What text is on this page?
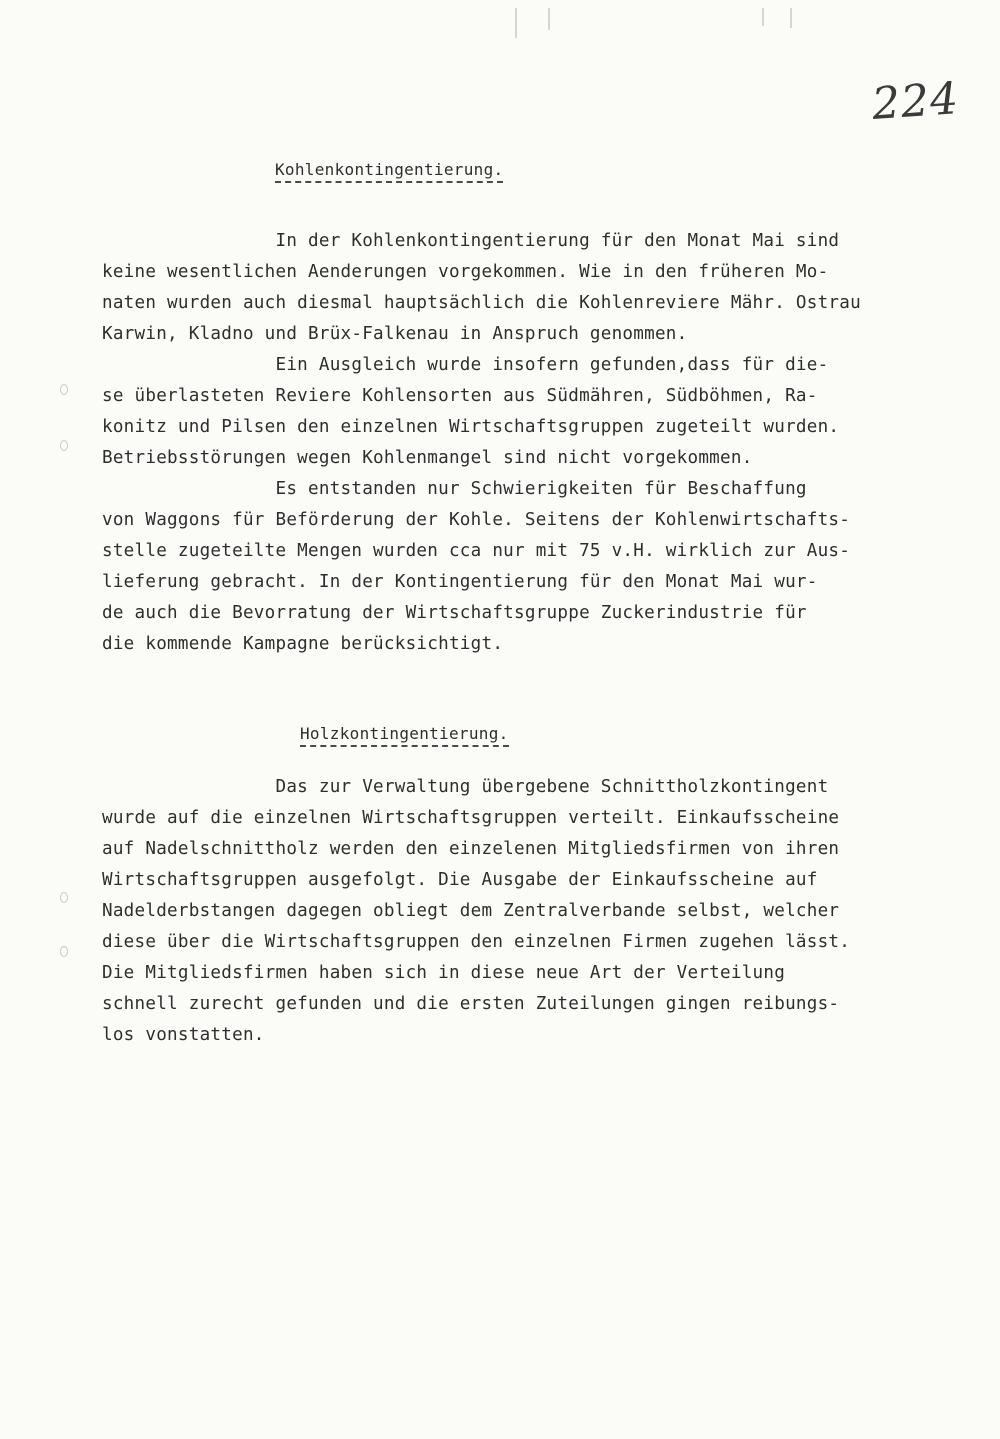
224
Kohlenkontingentierung.
In der Kohlenkontingentierung für den Monat Mai sind
keine wesentlichen Aenderungen vorgekommen. Wie in den früheren Mo-
naten wurden auch diesmal hauptsächlich die Kohlenreviere Mähr. Ostrau
Karwin, Kladno und Brüx-Falkenau in Anspruch genommen.
Ein Ausgleich wurde insofern gefunden,dass für die-
se überlasteten Reviere Kohlensorten aus Südmähren, Südböhmen, Ra-
konitz und Pilsen den einzelnen Wirtschaftsgruppen zugeteilt wurden.
Betriebsstörungen wegen Kohlenmangel sind nicht vorgekommen.
Es entstanden nur Schwierigkeiten für Beschaffung
von Waggons für Beförderung der Kohle. Seitens der Kohlenwirtschafts-
stelle zugeteilte Mengen wurden cca nur mit 75 v.H. wirklich zur Aus-
lieferung gebracht. In der Kontingentierung für den Monat Mai wur-
de auch die Bevorratung der Wirtschaftsgruppe Zuckerindustrie für
die kommende Kampagne berücksichtigt.
Holzkontingentierung.
Das zur Verwaltung übergebene Schnittholzkontingent
wurde auf die einzelnen Wirtschaftsgruppen verteilt. Einkaufsscheine
auf Nadelschnittholz werden den einzelenen Mitgliedsfirmen von ihren
Wirtschaftsgruppen ausgefolgt. Die Ausgabe der Einkaufsscheine auf
Nadelderbstangen dagegen obliegt dem Zentralverbande selbst, welcher
diese über die Wirtschaftsgruppen den einzelnen Firmen zugehen lässt.
Die Mitgliedsfirmen haben sich in diese neue Art der Verteilung
schnell zurecht gefunden und die ersten Zuteilungen gingen reibungs-
los vonstatten.
